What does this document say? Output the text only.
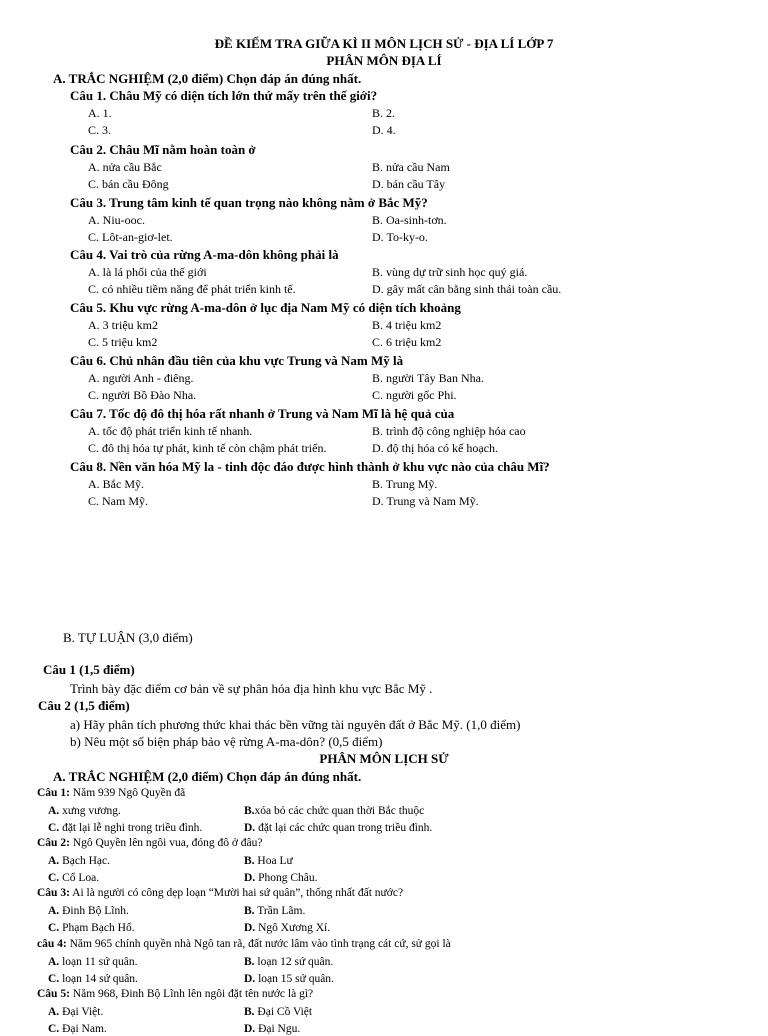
ĐỀ KIỂM TRA GIỮA KÌ II MÔN LỊCH SỬ - ĐỊA LÍ LỚP 7
PHÂN MÔN ĐỊA LÍ
A. TRẮC NGHIỆM (2,0 điểm) Chọn đáp án đúng nhất.
Câu 1. Châu Mỹ có diện tích lớn thứ mấy trên thế giới?
A. 1.	B. 2.
C. 3.	D. 4.
Câu 2. Châu Mĩ nằm hoàn toàn ở
A. nửa cầu Bắc	B. nửa cầu Nam
C. bán cầu Đông	D. bán cầu Tây
Câu 3. Trung tâm kinh tế quan trọng nào không nằm ở Bắc Mỹ?
A. Niu-ooc.	B. Oa-sinh-tơn.
C. Lôt-an-giơ-let.	D. To-ky-o.
Câu 4. Vai trò của rừng A-ma-dôn không phải là
A. là lá phổi của thế giới	B. vùng dự trữ sinh học quý giá.
C. có nhiều tiềm năng để phát triển kinh tế.	D. gây mất cân bằng sinh thái toàn cầu.
Câu 5. Khu vực rừng A-ma-dôn ở lục địa Nam Mỹ có diện tích khoảng
A. 3 triệu km2	B. 4 triệu km2
C. 5 triệu km2	C. 6 triệu km2
Câu 6. Chủ nhân đầu tiên của khu vực Trung và Nam Mỹ là
A. người Anh - điêng.	B. người Tây Ban Nha.
C. người Bồ Đào Nha.	C. người gốc Phi.
Câu 7. Tốc độ đô thị hóa rất nhanh ở Trung và Nam Mĩ là hệ quả của
A. tốc độ phát triển kinh tế nhanh.	B. trình độ công nghiệp hóa cao
C. đô thị hóa tự phát, kinh tế còn chậm phát triển.	D. độ thị hóa có kế hoạch.
Câu 8. Nền văn hóa Mỹ la - tinh độc đáo được hình thành ở khu vực nào của châu Mĩ?
A. Bắc Mỹ.	B. Trung Mỹ.
C. Nam Mỹ.	D. Trung và Nam Mỹ.
B. TỰ LUẬN (3,0 điểm)
Câu 1 (1,5 điểm)
Trình bày đặc điểm cơ bản về sự phân hóa địa hình khu vực Bắc Mỹ .
Câu 2 (1,5 điểm)
a) Hãy phân tích phương thức khai thác bền vững tài nguyên đất ở Bắc Mỹ. (1,0 điểm)
b) Nêu một số biện pháp bảo vệ rừng A-ma-dôn? (0,5 điểm)
PHÂN MÔN LỊCH SỬ
A. TRẮC NGHIỆM (2,0 điểm) Chọn đáp án đúng nhất.
Câu 1: Năm 939 Ngô Quyền đã
A. xưng vương.	B.xóa bỏ các chức quan thời Bắc thuộc
C. đặt lại lễ nghi trong triều đình.	D. đặt lại các chức quan trong triều đình.
Câu 2: Ngô Quyền lên ngôi vua, đóng đô ở đâu?
A. Bạch Hạc.	B. Hoa Lư
C. Cổ Loa.	D. Phong Châu.
Câu 3: Ai là người có công dẹp loạn “Mười hai sứ quân”, thống nhất đất nước?
A. Đinh Bộ Lĩnh.	B. Trần Lãm.
C. Phạm Bạch Hổ.	D. Ngô Xương Xí.
câu 4: Năm 965 chính quyền nhà Ngô tan rã, đất nước lâm vào tình trạng cát cứ, sử gọi là
A. loạn 11 sứ quân.	B. loạn 12 sứ quân.
C. loạn 14 sứ quân.	D. loạn 15 sứ quân.
Câu 5: Năm 968, Đinh Bộ Lĩnh lên ngôi đặt tên nước là gì?
A. Đại Việt.	B. Đại Cồ Việt
C. Đại Nam.	D. Đại Ngu.
